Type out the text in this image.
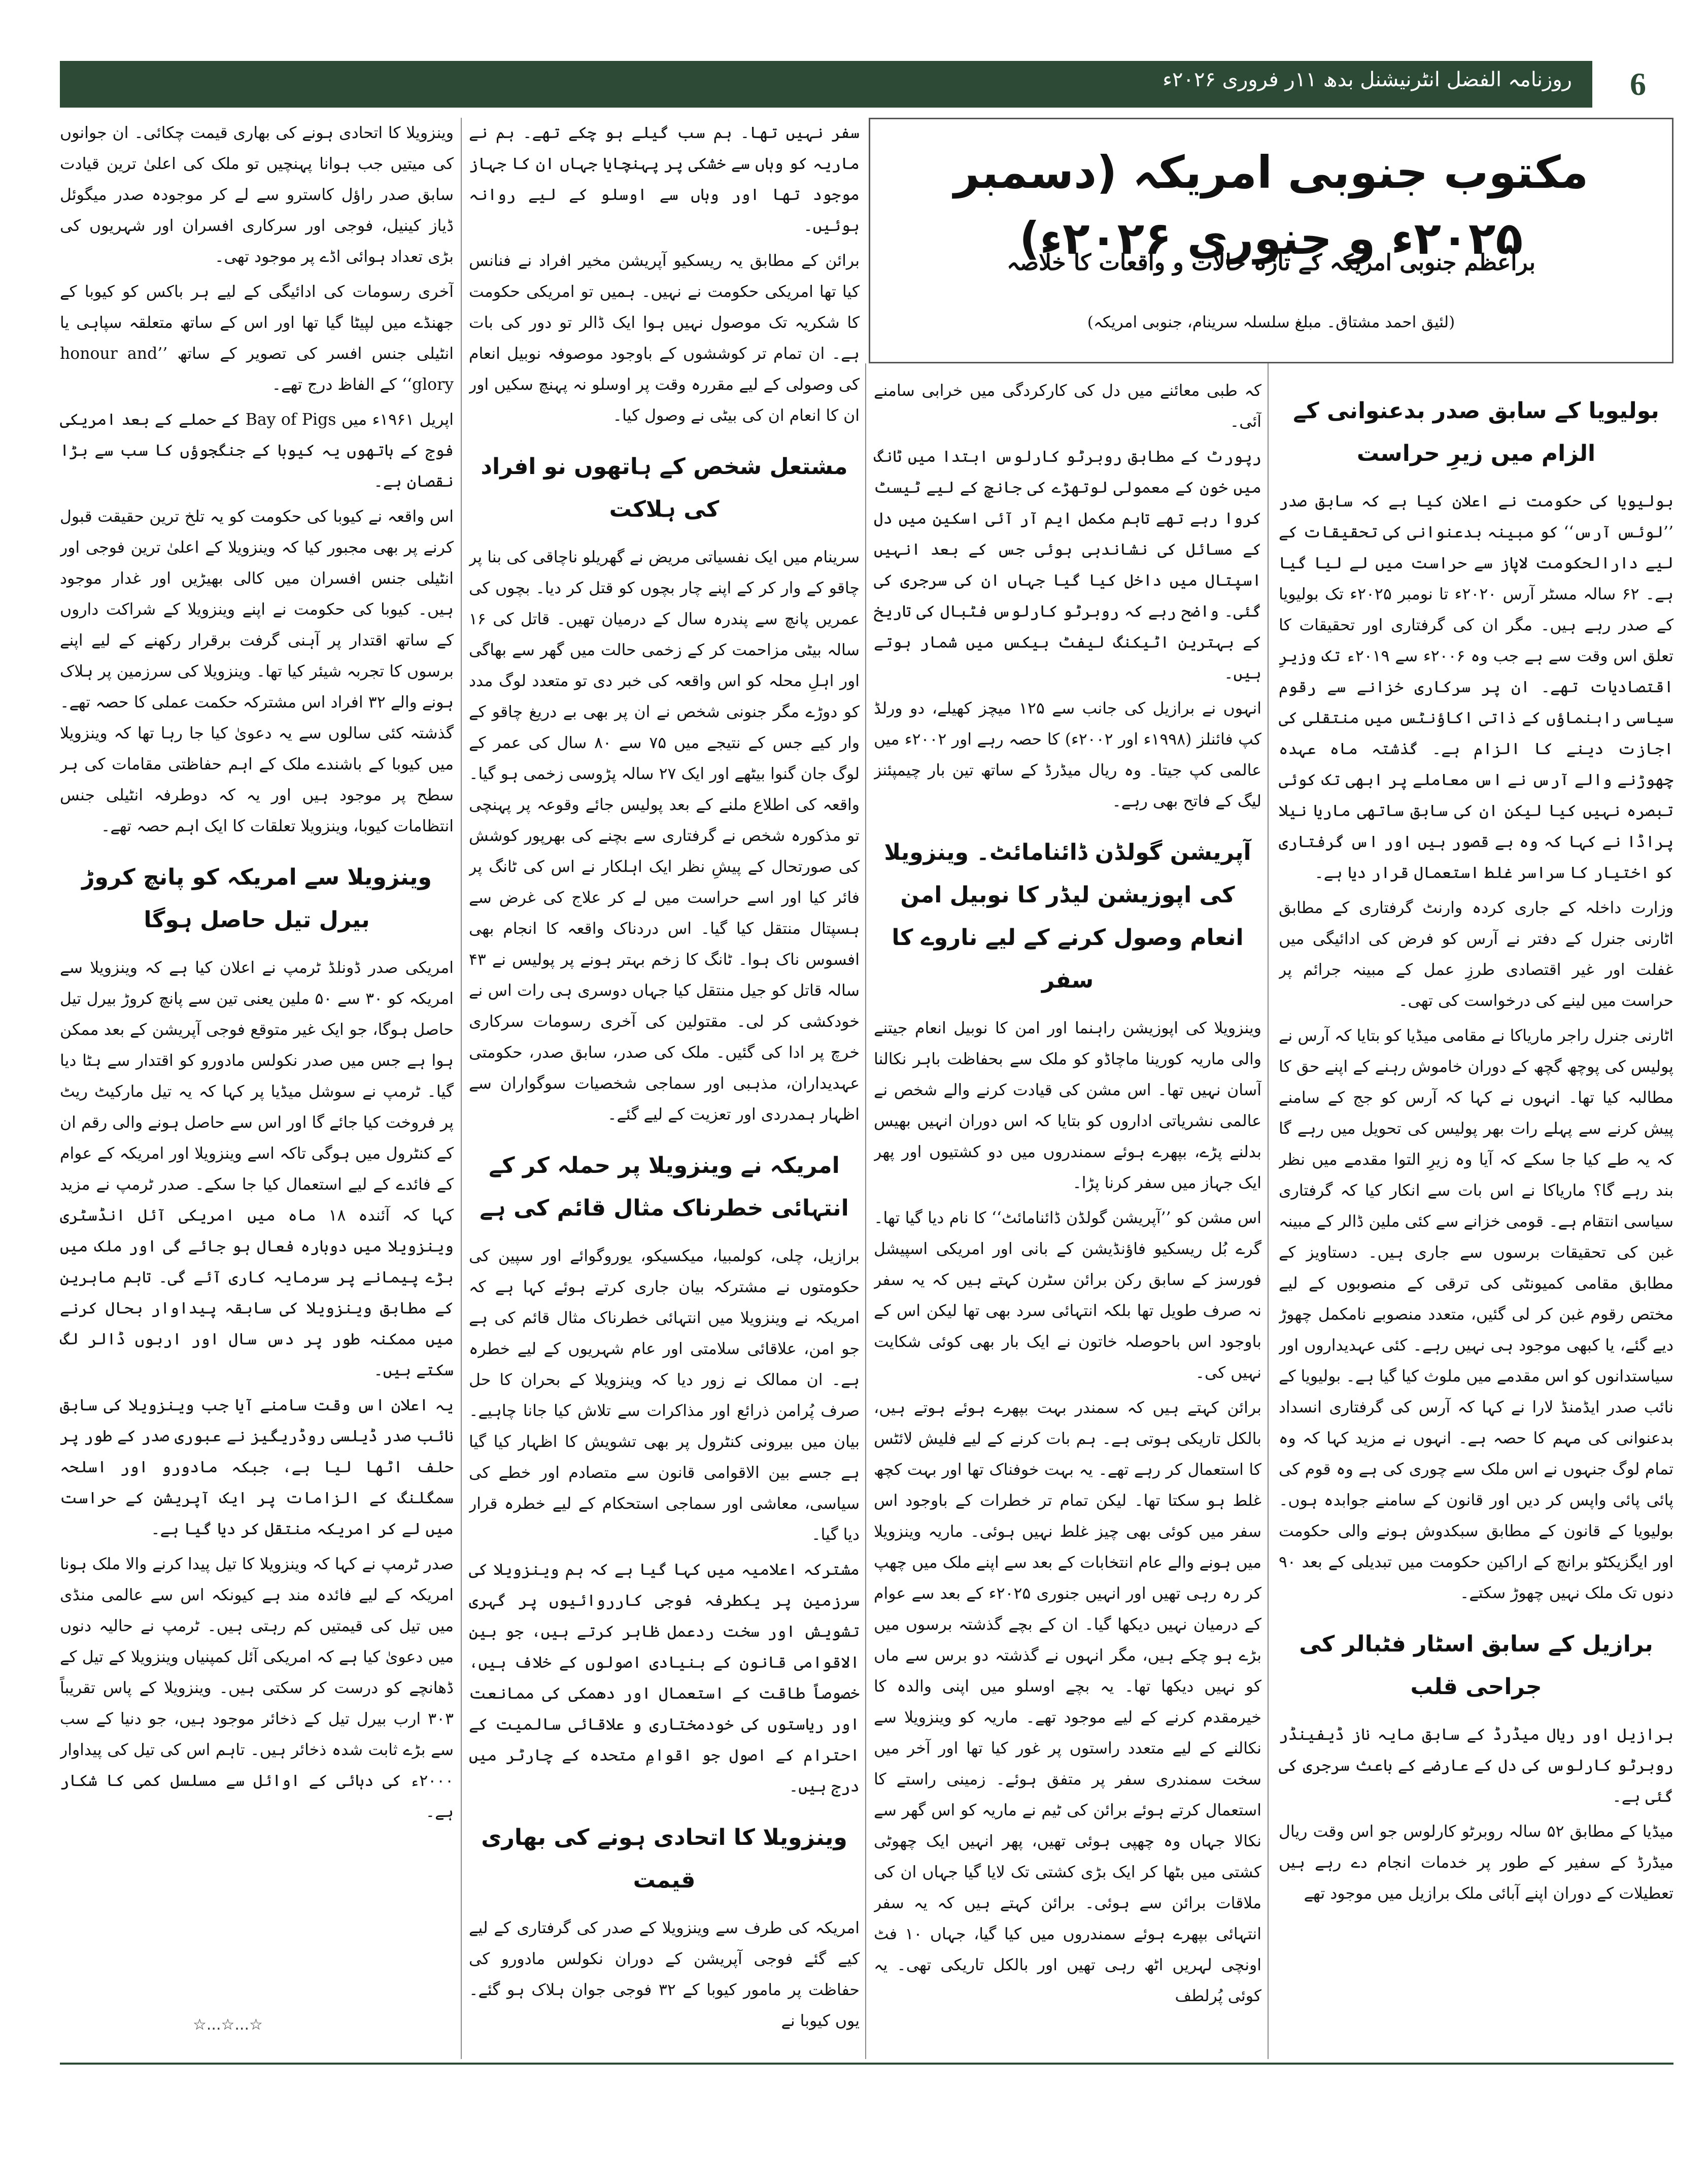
روزنامہ الفضل انٹرنیشنل بدھ ۱۱ر فروری ۲۰۲۶ء	6
مکتوب جنوبی امریکہ (دسمبر ۲۰۲۵ء و جنوری ۲۰۲۶ء)
براعظم جنوبی امریکہ کے تازہ حالات و واقعات کا خلاصہ
(لئیق احمد مشتاق۔ مبلغ سلسلہ سرینام، جنوبی امریکہ)
بولیویا کے سابق صدر بدعنوانی کے الزام میں زیرِ حراست

بولیویا کی حکومت نے اعلان کیا ہے کہ سابق صدر ’’لوئس آرس‘‘ کو مبینہ بدعنوانی کی تحقیقات کے لیے دارالحکومت لاپاز سے حراست میں لے لیا گیا ہے۔ ۶۲ سالہ مسٹر آرس ۲۰۲۰ء تا نومبر ۲۰۲۵ء تک بولیویا کے صدر رہے ہیں۔ مگر ان کی گرفتاری اور تحقیقات کا تعلق اس وقت سے ہے جب وہ ۲۰۰۶ء سے ۲۰۱۹ء تک وزیرِ اقتصادیات تھے۔ ان پر سرکاری خزانے سے رقوم سیاسی راہنماؤں کے ذاتی اکاؤنٹس میں منتقلی کی اجازت دینے کا الزام ہے۔ گذشتہ ماہ عہدہ چھوڑنے والے آرس نے اس معاملے پر ابھی تک کوئی تبصرہ نہیں کیا لیکن ان کی سابق ساتھی ماریا نیلا پراڈا نے کہا کہ وہ بے قصور ہیں اور اس گرفتاری کو اختیار کا سراسر غلط استعمال قرار دیا ہے۔

وزارت داخلہ کے جاری کردہ وارنٹ گرفتاری کے مطابق اٹارنی جنرل کے دفتر نے آرس کو فرض کی ادائیگی میں غفلت اور غیر اقتصادی طرزِ عمل کے مبینہ جرائم پر حراست میں لینے کی درخواست کی تھی۔

اٹارنی جنرل راجر ماریاکا نے مقامی میڈیا کو بتایا کہ آرس نے پولیس کی پوچھ گچھ کے دوران خاموش رہنے کے اپنے حق کا مطالبہ کیا تھا۔ انہوں نے کہا کہ آرس کو جج کے سامنے پیش کرنے سے پہلے رات بھر پولیس کی تحویل میں رہے گا کہ یہ طے کیا جا سکے کہ آیا وہ زیرِ التوا مقدمے میں نظر بند رہے گا؟ ماریاکا نے اس بات سے انکار کیا کہ گرفتاری سیاسی انتقام ہے۔ قومی خزانے سے کئی ملین ڈالر کے مبینہ غبن کی تحقیقات برسوں سے جاری ہیں۔ دستاویز کے مطابق مقامی کمیونٹی کی ترقی کے منصوبوں کے لیے مختص رقوم غبن کر لی گئیں، متعدد منصوبے نامکمل چھوڑ دیے گئے، یا کبھی موجود ہی نہیں رہے۔ کئی عہدیداروں اور سیاستدانوں کو اس مقدمے میں ملوث کیا گیا ہے۔ بولیویا کے نائب صدر ایڈمنڈ لارا نے کہا کہ آرس کی گرفتاری انسداد بدعنوانی کی مہم کا حصہ ہے۔ انہوں نے مزید کہا کہ وہ تمام لوگ جنہوں نے اس ملک سے چوری کی ہے وہ قوم کی پائی پائی واپس کر دیں اور قانون کے سامنے جوابدہ ہوں۔ بولیویا کے قانون کے مطابق سبکدوش ہونے والی حکومت اور ایگزیکٹو برانچ کے اراکین حکومت میں تبدیلی کے بعد ۹۰ دنوں تک ملک نہیں چھوڑ سکتے۔

برازیل کے سابق اسٹار فٹبالر کی جراحی قلب

برازیل اور ریال میڈرڈ کے سابق مایہ ناز ڈیفینڈر روبرٹو کارلوس کی دل کے عارضے کے باعث سرجری کی گئی ہے۔

میڈیا کے مطابق ۵۲ سالہ روبرٹو کارلوس جو اس وقت ریال میڈرڈ کے سفیر کے طور پر خدمات انجام دے رہے ہیں تعطیلات کے دوران اپنے آبائی ملک برازیل میں موجود تھے

کہ طبی معائنے میں دل کی کارکردگی میں خرابی سامنے آئی۔

رپورٹ کے مطابق روبرٹو کارلوس ابتدا میں ٹانگ میں خون کے معمولی لوتھڑے کی جانچ کے لیے ٹیسٹ کروا رہے تھے تاہم مکمل ایم آر آئی اسکین میں دل کے مسائل کی نشاندہی ہوئی جس کے بعد انہیں اسپتال میں داخل کیا گیا جہاں ان کی سرجری کی گئی۔ واضح رہے کہ روبرٹو کارلوس فٹبال کی تاریخ کے بہترین اٹیکنگ لیفٹ بیکس میں شمار ہوتے ہیں۔

انہوں نے برازیل کی جانب سے ۱۲۵ میچز کھیلے، دو ورلڈ کپ فائنلز (۱۹۹۸ء اور ۲۰۰۲ء) کا حصہ رہے اور ۲۰۰۲ء میں عالمی کپ جیتا۔ وہ ریال میڈرڈ کے ساتھ تین بار چیمپئنز لیگ کے فاتح بھی رہے۔

آپریشن گولڈن ڈائنامائٹ۔ وینزویلا کی اپوزیشن لیڈر کا نوبیل امن انعام وصول کرنے کے لیے ناروے کا سفر

وینزویلا کی اپوزیشن راہنما اور امن کا نوبیل انعام جیتنے والی ماریہ کورینا ماچاڈو کو ملک سے بحفاظت باہر نکالنا آسان نہیں تھا۔ اس مشن کی قیادت کرنے والے شخص نے عالمی نشریاتی اداروں کو بتایا کہ اس دوران انہیں بھیس بدلنے پڑے، بپھرے ہوئے سمندروں میں دو کشتیوں اور پھر ایک جہاز میں سفر کرنا پڑا۔

اس مشن کو ’’آپریشن گولڈن ڈائنامائٹ‘‘ کا نام دیا گیا تھا۔ گرے بُل ریسکیو فاؤنڈیشن کے بانی اور امریکی اسپیشل فورسز کے سابق رکن برائن سٹرن کہتے ہیں کہ یہ سفر نہ صرف طویل تھا بلکہ انتہائی سرد بھی تھا لیکن اس کے باوجود اس باحوصلہ خاتون نے ایک بار بھی کوئی شکایت نہیں کی۔

برائن کہتے ہیں کہ سمندر بہت بپھرے ہوئے ہوتے ہیں، بالکل تاریکی ہوتی ہے۔ ہم بات کرنے کے لیے فلیش لائٹس کا استعمال کر رہے تھے۔ یہ بہت خوفناک تھا اور بہت کچھ غلط ہو سکتا تھا۔ لیکن تمام تر خطرات کے باوجود اس سفر میں کوئی بھی چیز غلط نہیں ہوئی۔ ماریہ وینزویلا میں ہونے والے عام انتخابات کے بعد سے اپنے ملک میں چھپ کر رہ رہی تھیں اور انہیں جنوری ۲۰۲۵ء کے بعد سے عوام کے درمیان نہیں دیکھا گیا۔ ان کے بچے گذشتہ برسوں میں بڑے ہو چکے ہیں، مگر انہوں نے گذشتہ دو برس سے ماں کو نہیں دیکھا تھا۔ یہ بچے اوسلو میں اپنی والدہ کا خیرمقدم کرنے کے لیے موجود تھے۔ ماریہ کو وینزویلا سے نکالنے کے لیے متعدد راستوں پر غور کیا تھا اور آخر میں سخت سمندری سفر پر متفق ہوئے۔ زمینی راستے کا استعمال کرتے ہوئے برائن کی ٹیم نے ماریہ کو اس گھر سے نکالا جہاں وہ چھپی ہوئی تھیں، پھر انہیں ایک چھوٹی کشتی میں بٹھا کر ایک بڑی کشتی تک لایا گیا جہاں ان کی ملاقات برائن سے ہوئی۔ برائن کہتے ہیں کہ یہ سفر انتہائی بپھرے ہوئے سمندروں میں کیا گیا، جہاں ۱۰ فٹ اونچی لہریں اٹھ رہی تھیں اور بالکل تاریکی تھی۔ یہ کوئی پُرلطف

سفر نہیں تھا۔ ہم سب گیلے ہو چکے تھے۔ ہم نے ماریہ کو وہاں سے خشکی پر پہنچایا جہاں ان کا جہاز موجود تھا اور وہاں سے اوسلو کے لیے روانہ ہوئیں۔

برائن کے مطابق یہ ریسکیو آپریشن مخیر افراد نے فنانس کیا تھا امریکی حکومت نے نہیں۔ ہمیں تو امریکی حکومت کا شکریہ تک موصول نہیں ہوا ایک ڈالر تو دور کی بات ہے۔ ان تمام تر کوششوں کے باوجود موصوفہ نوبیل انعام کی وصولی کے لیے مقررہ وقت پر اوسلو نہ پہنچ سکیں اور ان کا انعام ان کی بیٹی نے وصول کیا۔

مشتعل شخص کے ہاتھوں نو افراد کی ہلاکت

سرینام میں ایک نفسیاتی مریض نے گھریلو ناچاقی کی بنا پر چاقو کے وار کر کے اپنے چار بچوں کو قتل کر دیا۔ بچوں کی عمریں پانچ سے پندرہ سال کے درمیان تھیں۔ قاتل کی ۱۶ سالہ بیٹی مزاحمت کر کے زخمی حالت میں گھر سے بھاگی اور اہلِ محلہ کو اس واقعہ کی خبر دی تو متعدد لوگ مدد کو دوڑے مگر جنونی شخص نے ان پر بھی بے دریغ چاقو کے وار کیے جس کے نتیجے میں ۷۵ سے ۸۰ سال کی عمر کے لوگ جان گنوا بیٹھے اور ایک ۲۷ سالہ پڑوسی زخمی ہو گیا۔ واقعہ کی اطلاع ملنے کے بعد پولیس جائے وقوعہ پر پہنچی تو مذکورہ شخص نے گرفتاری سے بچنے کی بھرپور کوشش کی صورتحال کے پیشِ نظر ایک اہلکار نے اس کی ٹانگ پر فائر کیا اور اسے حراست میں لے کر علاج کی غرض سے ہسپتال منتقل کیا گیا۔ اس دردناک واقعہ کا انجام بھی افسوس ناک ہوا۔ ٹانگ کا زخم بہتر ہونے پر پولیس نے ۴۳ سالہ قاتل کو جیل منتقل کیا جہاں دوسری ہی رات اس نے خودکشی کر لی۔ مقتولین کی آخری رسومات سرکاری خرچ پر ادا کی گئیں۔ ملک کی صدر، سابق صدر، حکومتی عہدیداران، مذہبی اور سماجی شخصیات سوگواران سے اظہار ہمدردی اور تعزیت کے لیے گئے۔

امریکہ نے وینزویلا پر حملہ کر کے انتہائی خطرناک مثال قائم کی ہے

برازیل، چلی، کولمبیا، میکسیکو، یوروگوائے اور سپین کی حکومتوں نے مشترکہ بیان جاری کرتے ہوئے کہا ہے کہ امریکہ نے وینزویلا میں انتہائی خطرناک مثال قائم کی ہے جو امن، علاقائی سلامتی اور عام شہریوں کے لیے خطرہ ہے۔ ان ممالک نے زور دیا کہ وینزویلا کے بحران کا حل صرف پُرامن ذرائع اور مذاکرات سے تلاش کیا جانا چاہیے۔ بیان میں بیرونی کنٹرول پر بھی تشویش کا اظہار کیا گیا ہے جسے بین الاقوامی قانون سے متصادم اور خطے کی سیاسی، معاشی اور سماجی استحکام کے لیے خطرہ قرار دیا گیا۔

مشترکہ اعلامیہ میں کہا گیا ہے کہ ہم وینزویلا کی سرزمین پر یکطرفہ فوجی کارروائیوں پر گہری تشویش اور سخت ردعمل ظاہر کرتے ہیں، جو بین الاقوامی قانون کے بنیادی اصولوں کے خلاف ہیں، خصوصاً طاقت کے استعمال اور دھمکی کی ممانعت اور ریاستوں کی خودمختاری و علاقائی سالمیت کے احترام کے اصول جو اقوامِ متحدہ کے چارٹر میں درج ہیں۔

وینزویلا کا اتحادی ہونے کی بھاری قیمت

امریکہ کی طرف سے وینزویلا کے صدر کی گرفتاری کے لیے کیے گئے فوجی آپریشن کے دوران نکولس مادورو کی حفاظت پر مامور کیوبا کے ۳۲ فوجی جوان ہلاک ہو گئے۔ یوں کیوبا نے

وینزویلا کا اتحادی ہونے کی بھاری قیمت چکائی۔ ان جوانوں کی میتیں جب ہوانا پہنچیں تو ملک کی اعلیٰ ترین قیادت سابق صدر راؤل کاسترو سے لے کر موجودہ صدر میگوئل ڈیاز کینیل، فوجی اور سرکاری افسران اور شہریوں کی بڑی تعداد ہوائی اڈے پر موجود تھی۔

آخری رسومات کی ادائیگی کے لیے ہر باکس کو کیوبا کے جھنڈے میں لپیٹا گیا تھا اور اس کے ساتھ متعلقہ سپاہی یا انٹیلی جنس افسر کی تصویر کے ساتھ ’’honour and glory‘‘ کے الفاظ درج تھے۔

اپریل ۱۹۶۱ء میں Bay of Pigs کے حملے کے بعد امریکی فوج کے ہاتھوں یہ کیوبا کے جنگجوؤں کا سب سے بڑا نقصان ہے۔

اس واقعہ نے کیوبا کی حکومت کو یہ تلخ ترین حقیقت قبول کرنے پر بھی مجبور کیا کہ وینزویلا کے اعلیٰ ترین فوجی اور انٹیلی جنس افسران میں کالی بھیڑیں اور غدار موجود ہیں۔ کیوبا کی حکومت نے اپنے وینزویلا کے شراکت داروں کے ساتھ اقتدار پر آہنی گرفت برقرار رکھنے کے لیے اپنے برسوں کا تجربہ شیئر کیا تھا۔ وینزویلا کی سرزمین پر ہلاک ہونے والے ۳۲ افراد اس مشترکہ حکمت عملی کا حصہ تھے۔ گذشتہ کئی سالوں سے یہ دعویٰ کیا جا رہا تھا کہ وینزویلا میں کیوبا کے باشندے ملک کے اہم حفاظتی مقامات کی ہر سطح پر موجود ہیں اور یہ کہ دوطرفہ انٹیلی جنس انتظامات کیوبا، وینزویلا تعلقات کا ایک اہم حصہ تھے۔

وینزویلا سے امریکہ کو پانچ کروڑ بیرل تیل حاصل ہوگا

امریکی صدر ڈونلڈ ٹرمپ نے اعلان کیا ہے کہ وینزویلا سے امریکہ کو ۳۰ سے ۵۰ ملین یعنی تین سے پانچ کروڑ بیرل تیل حاصل ہوگا، جو ایک غیر متوقع فوجی آپریشن کے بعد ممکن ہوا ہے جس میں صدر نکولس مادورو کو اقتدار سے ہٹا دیا گیا۔ ٹرمپ نے سوشل میڈیا پر کہا کہ یہ تیل مارکیٹ ریٹ پر فروخت کیا جائے گا اور اس سے حاصل ہونے والی رقم ان کے کنٹرول میں ہوگی تاکہ اسے وینزویلا اور امریکہ کے عوام کے فائدے کے لیے استعمال کیا جا سکے۔ صدر ٹرمپ نے مزید کہا کہ آئندہ ۱۸ ماہ میں امریکی آئل انڈسٹری وینزویلا میں دوبارہ فعال ہو جائے گی اور ملک میں بڑے پیمانے پر سرمایہ کاری آئے گی۔ تاہم ماہرین کے مطابق وینزویلا کی سابقہ پیداوار بحال کرنے میں ممکنہ طور پر دس سال اور اربوں ڈالر لگ سکتے ہیں۔

یہ اعلان اس وقت سامنے آیا جب وینزویلا کی سابق نائب صدر ڈیلسی روڈریگیز نے عبوری صدر کے طور پر حلف اٹھا لیا ہے، جبکہ مادورو اور اسلحہ سمگلنگ کے الزامات پر ایک آپریشن کے حراست میں لے کر امریکہ منتقل کر دیا گیا ہے۔

صدر ٹرمپ نے کہا کہ وینزویلا کا تیل پیدا کرنے والا ملک ہونا امریکہ کے لیے فائدہ مند ہے کیونکہ اس سے عالمی منڈی میں تیل کی قیمتیں کم رہتی ہیں۔ ٹرمپ نے حالیہ دنوں میں دعویٰ کیا ہے کہ امریکی آئل کمپنیاں وینزویلا کے تیل کے ڈھانچے کو درست کر سکتی ہیں۔ وینزویلا کے پاس تقریباً ۳۰۳ ارب بیرل تیل کے ذخائر موجود ہیں، جو دنیا کے سب سے بڑے ثابت شدہ ذخائر ہیں۔ تاہم اس کی تیل کی پیداوار ۲۰۰۰ء کی دہائی کے اوائل سے مسلسل کمی کا شکار ہے۔

☆...☆...☆
